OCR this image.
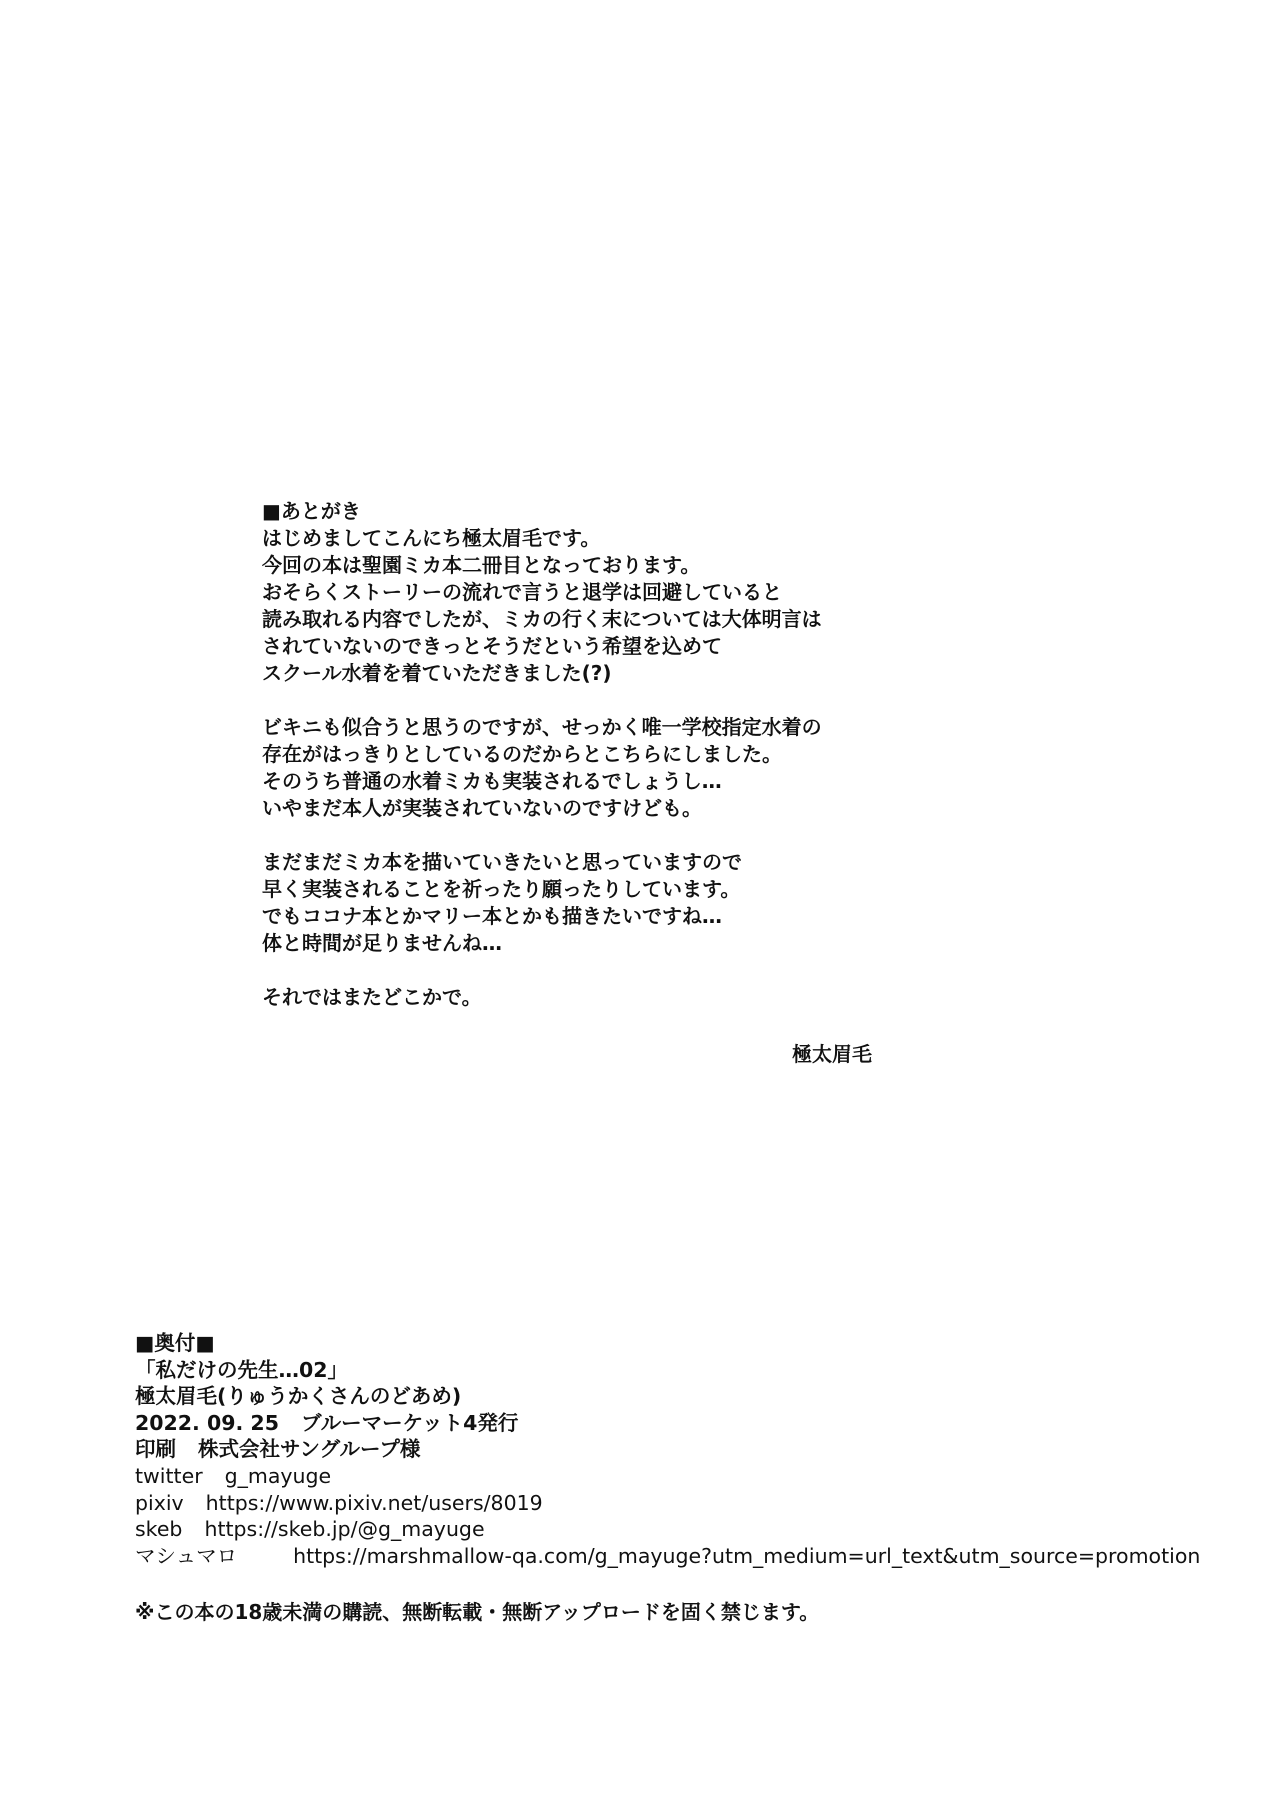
■あとがき
はじめましてこんにち極太眉毛です。
今回の本は聖園ミカ本二冊目となっております。
おそらくストーリーの流れで言うと退学は回避していると
読み取れる内容でしたが、ミカの行く末については大体明言は
されていないのできっとそうだという希望を込めて
スクール水着を着ていただきました(?)
ビキニも似合うと思うのですが、せっかく唯一学校指定水着の
存在がはっきりとしているのだからとこちらにしました。
そのうち普通の水着ミカも実装されるでしょうし…
いやまだ本人が実装されていないのですけども。
まだまだミカ本を描いていきたいと思っていますので
早く実装されることを祈ったり願ったりしています。
でもココナ本とかマリー本とかも描きたいですね…
体と時間が足りませんね…
それではまたどこかで。
極太眉毛
■奥付■
「私だけの先生…02」
極太眉毛(りゅうかくさんのどあめ)
2022. 09. 25 ブルーマーケット4発行
印刷 株式会社サングループ様
twitter g_mayuge
pixiv https://www.pixiv.net/users/8019
skeb https://skeb.jp/@g_mayuge
マシュマロ	https://marshmallow-qa.com/g_mayuge?utm_medium=url_text&utm_source=promotion
※この本の18歳未満の購読、無断転載・無断アップロードを固く禁じます。
